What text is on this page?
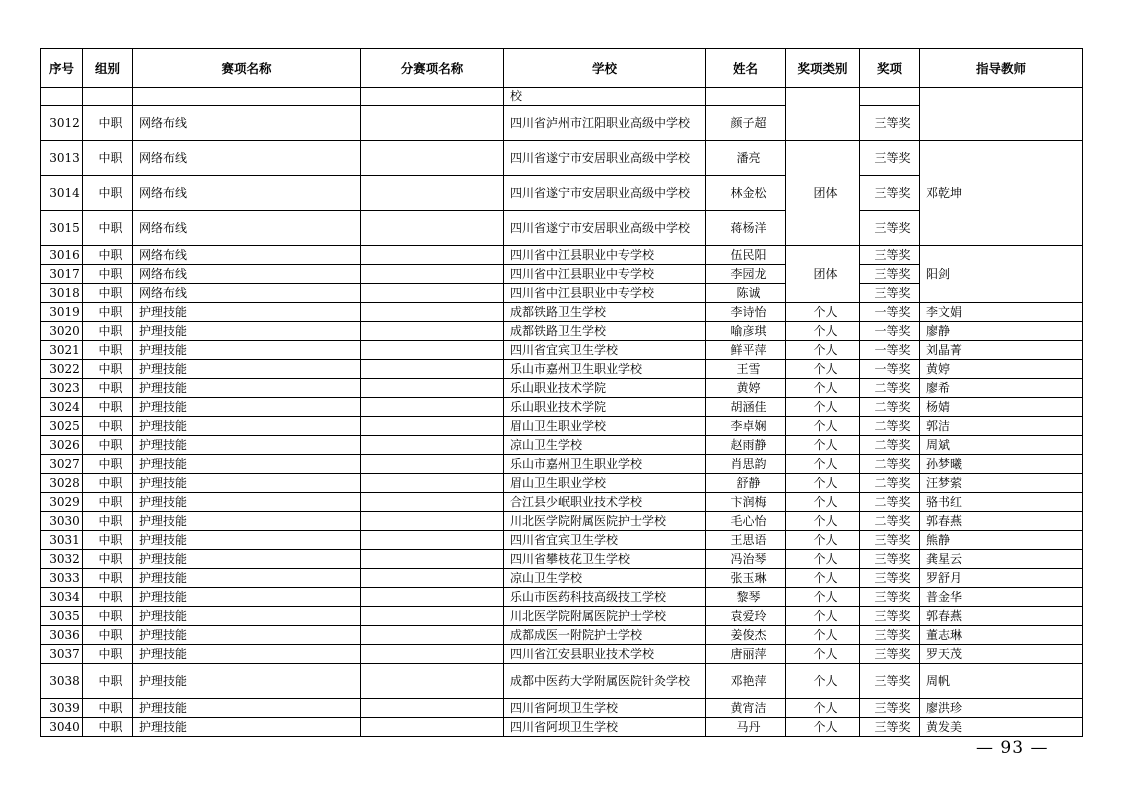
序号	组别	赛项名称	分赛项名称	学校	姓名	奖项类别	奖项	指导教师
				校				
3012	中职	网络布线		四川省泸州市江阳职业高级中学校	颜子超		三等奖	
3013	中职	网络布线		四川省遂宁市安居职业高级中学校	潘亮	团体	三等奖	邓乾坤
3014	中职	网络布线		四川省遂宁市安居职业高级中学校	林金松		三等奖	
3015	中职	网络布线		四川省遂宁市安居职业高级中学校	蒋杨洋		三等奖	
3016	中职	网络布线		四川省中江县职业中专学校	伍民阳	团体	三等奖	阳剑
3017	中职	网络布线		四川省中江县职业中专学校	李园龙		三等奖	
3018	中职	网络布线		四川省中江县职业中专学校	陈诚		三等奖	
3019	中职	护理技能		成都铁路卫生学校	李诗怡	个人	一等奖	李文娟
3020	中职	护理技能		成都铁路卫生学校	喻彦琪	个人	一等奖	廖静
3021	中职	护理技能		四川省宜宾卫生学校	鲜平萍	个人	一等奖	刘晶菁
3022	中职	护理技能		乐山市嘉州卫生职业学校	王雪	个人	一等奖	黄婷
3023	中职	护理技能		乐山职业技术学院	黄婷	个人	二等奖	廖希
3024	中职	护理技能		乐山职业技术学院	胡涵佳	个人	二等奖	杨婧
3025	中职	护理技能		眉山卫生职业学校	李卓娴	个人	二等奖	郭洁
3026	中职	护理技能		凉山卫生学校	赵雨静	个人	二等奖	周斌
3027	中职	护理技能		乐山市嘉州卫生职业学校	肖思韵	个人	二等奖	孙梦曦
3028	中职	护理技能		眉山卫生职业学校	舒静	个人	二等奖	汪梦萦
3029	中职	护理技能		合江县少岷职业技术学校	卞润梅	个人	二等奖	骆书红
3030	中职	护理技能		川北医学院附属医院护士学校	毛心怡	个人	二等奖	郭春燕
3031	中职	护理技能		四川省宜宾卫生学校	王思语	个人	三等奖	熊静
3032	中职	护理技能		四川省攀枝花卫生学校	冯治琴	个人	三等奖	龚星云
3033	中职	护理技能		凉山卫生学校	张玉琳	个人	三等奖	罗舒月
3034	中职	护理技能		乐山市医药科技高级技工学校	黎琴	个人	三等奖	普金华
3035	中职	护理技能		川北医学院附属医院护士学校	袁爱玲	个人	三等奖	郭春燕
3036	中职	护理技能		成都成医一附院护士学校	姜俊杰	个人	三等奖	董志琳
3037	中职	护理技能		四川省江安县职业技术学校	唐丽萍	个人	三等奖	罗天茂
3038	中职	护理技能		成都中医药大学附属医院针灸学校	邓艳萍	个人	三等奖	周帆
3039	中职	护理技能		四川省阿坝卫生学校	黄宵洁	个人	三等奖	廖洪珍
3040	中职	护理技能		四川省阿坝卫生学校	马丹	个人	三等奖	黄发美
— 93 —
